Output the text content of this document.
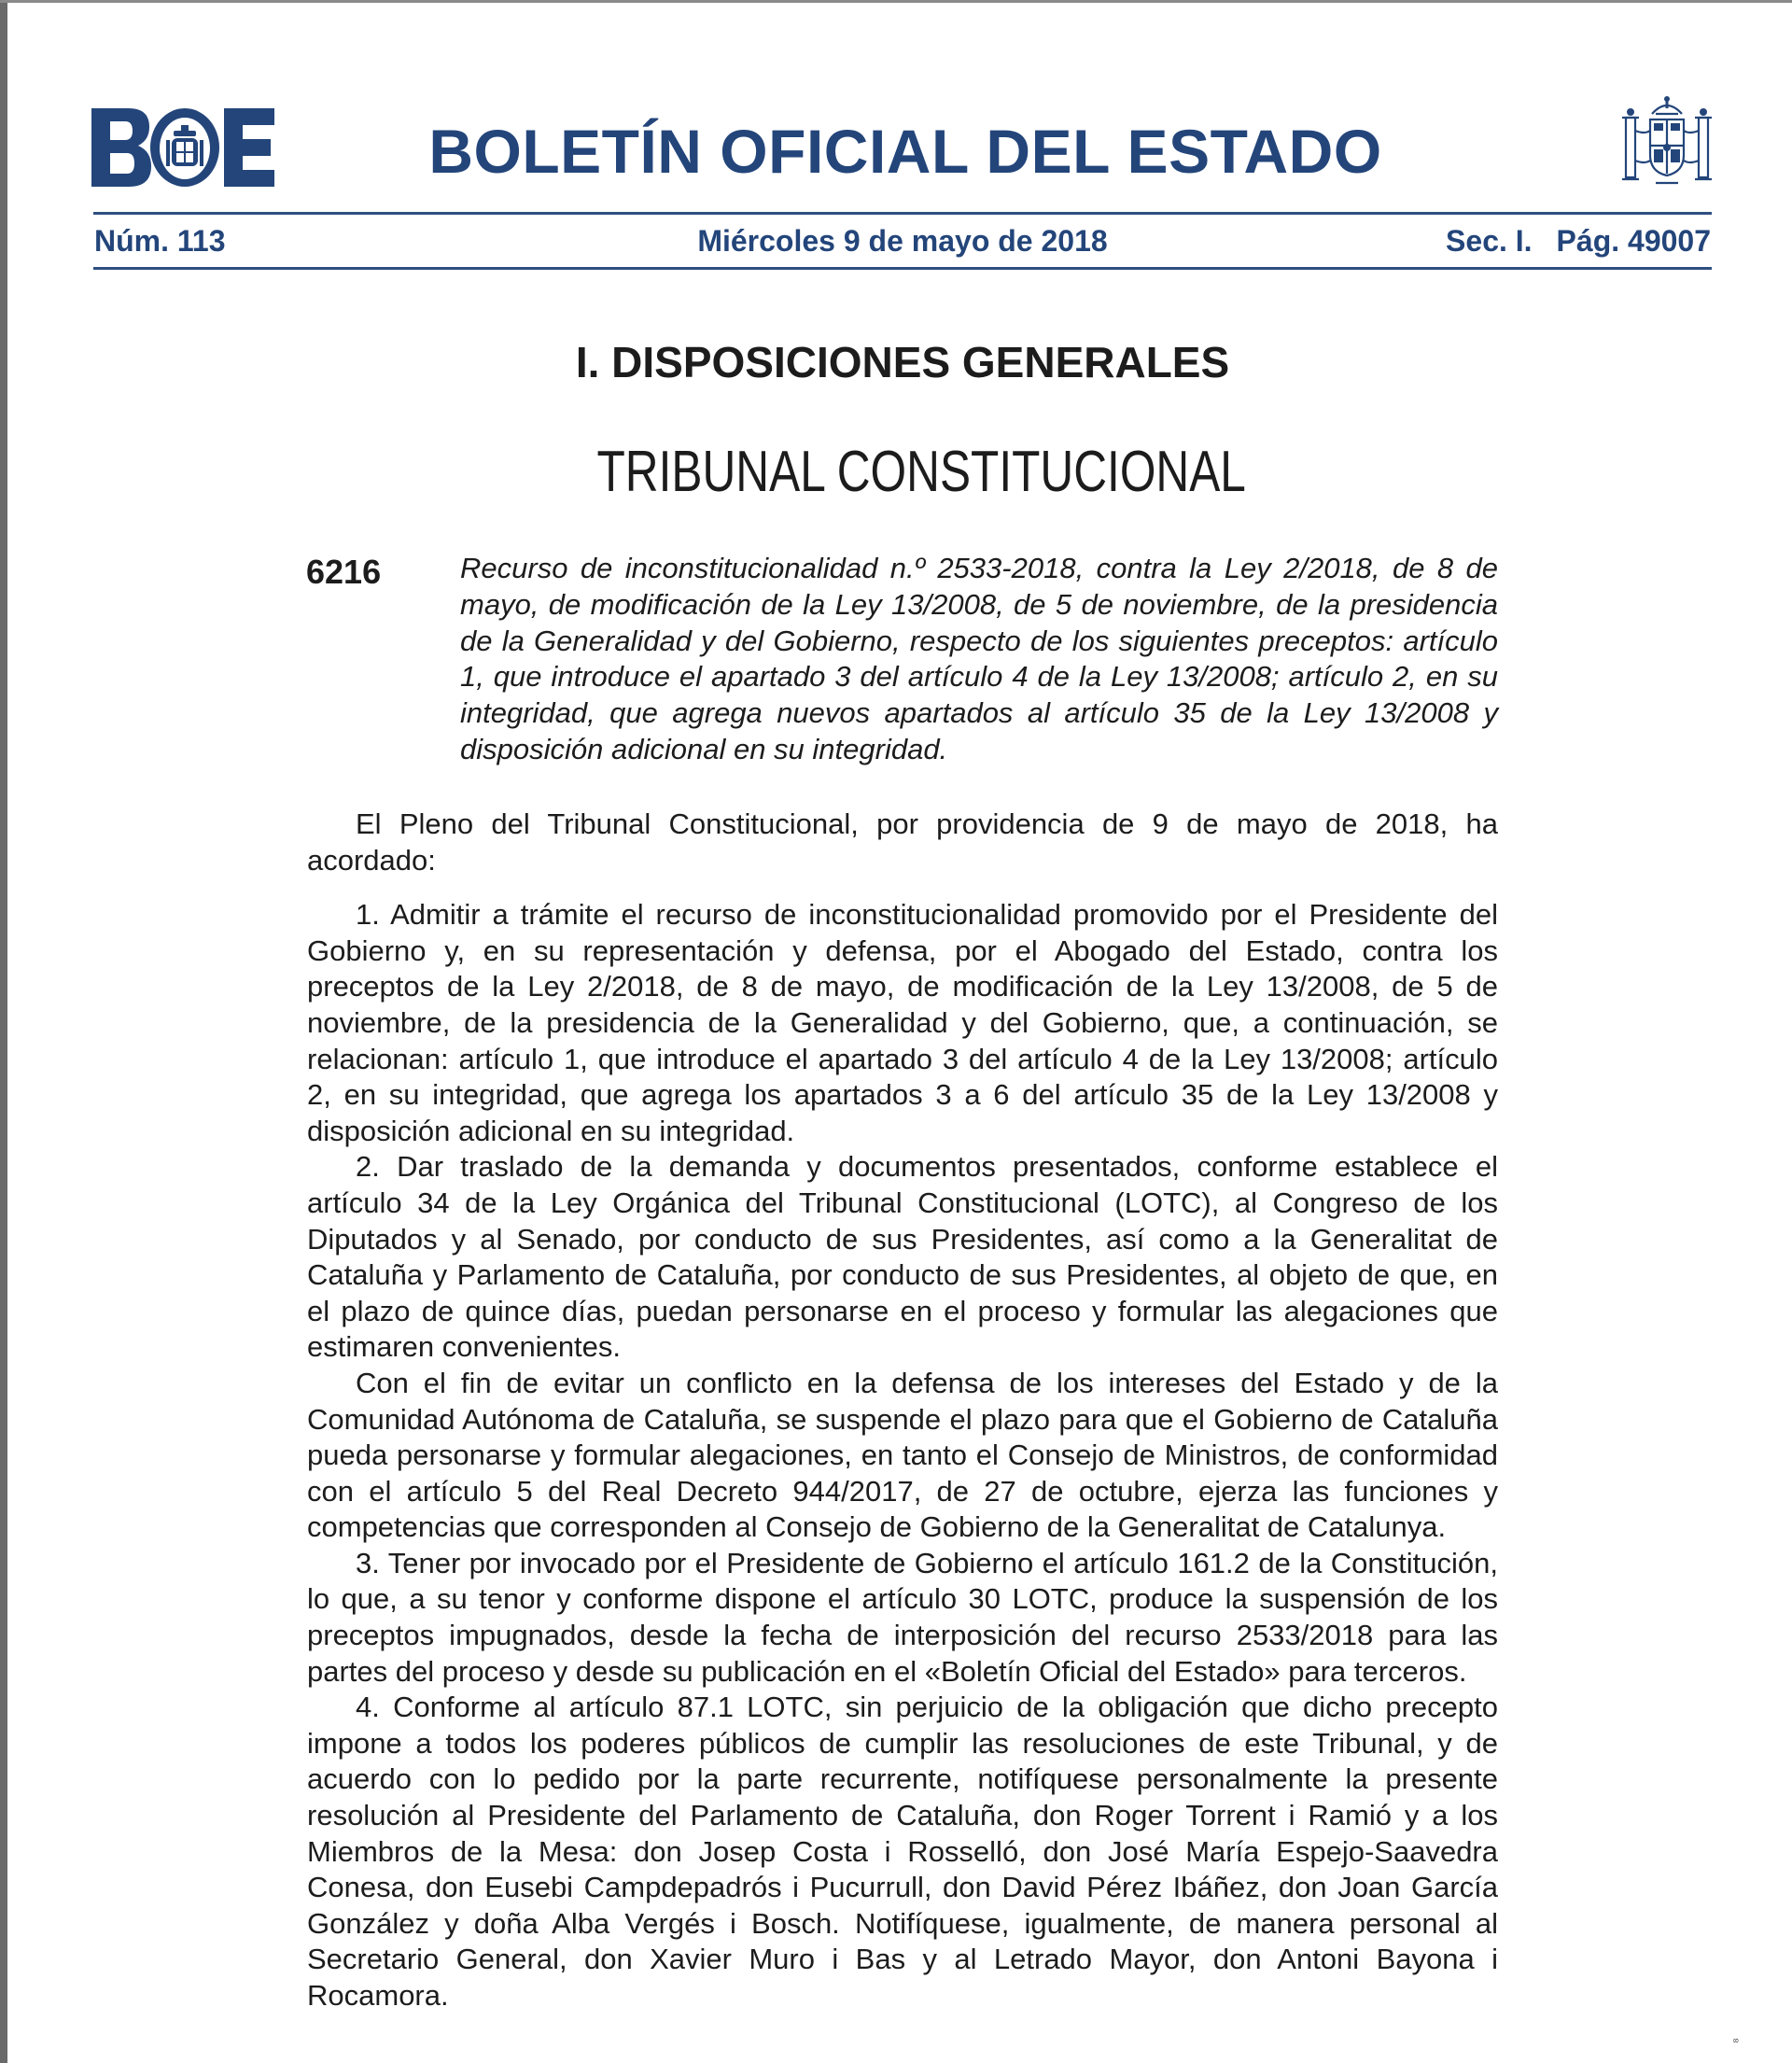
BOLETÍN OFICIAL DEL ESTADO
Núm. 113	Miércoles 9 de mayo de 2018	Sec. I. Pág. 49007
I. DISPOSICIONES GENERALES
TRIBUNAL CONSTITUCIONAL
6216	Recurso de inconstitucionalidad n.º 2533-2018, contra la Ley 2/2018, de 8 de mayo, de modificación de la Ley 13/2008, de 5 de noviembre, de la presidencia de la Generalidad y del Gobierno, respecto de los siguientes preceptos: artículo 1, que introduce el apartado 3 del artículo 4 de la Ley 13/2008; artículo 2, en su integridad, que agrega nuevos apartados al artículo 35 de la Ley 13/2008 y disposición adicional en su integridad.

El Pleno del Tribunal Constitucional, por providencia de 9 de mayo de 2018, ha acordado:

1. Admitir a trámite el recurso de inconstitucionalidad promovido por el Presidente del Gobierno y, en su representación y defensa, por el Abogado del Estado, contra los preceptos de la Ley 2/2018, de 8 de mayo, de modificación de la Ley 13/2008, de 5 de noviembre, de la presidencia de la Generalidad y del Gobierno, que, a continuación, se relacionan: artículo 1, que introduce el apartado 3 del artículo 4 de la Ley 13/2008; artículo 2, en su integridad, que agrega los apartados 3 a 6 del artículo 35 de la Ley 13/2008 y disposición adicional en su integridad.

2. Dar traslado de la demanda y documentos presentados, conforme establece el artículo 34 de la Ley Orgánica del Tribunal Constitucional (LOTC), al Congreso de los Diputados y al Senado, por conducto de sus Presidentes, así como a la Generalitat de Cataluña y Parlamento de Cataluña, por conducto de sus Presidentes, al objeto de que, en el plazo de quince días, puedan personarse en el proceso y formular las alegaciones que estimaren convenientes.

Con el fin de evitar un conflicto en la defensa de los intereses del Estado y de la Comunidad Autónoma de Cataluña, se suspende el plazo para que el Gobierno de Cataluña pueda personarse y formular alegaciones, en tanto el Consejo de Ministros, de conformidad con el artículo 5 del Real Decreto 944/2017, de 27 de octubre, ejerza las funciones y competencias que corresponden al Consejo de Gobierno de la Generalitat de Catalunya.

3. Tener por invocado por el Presidente de Gobierno el artículo 161.2 de la Constitución, lo que, a su tenor y conforme dispone el artículo 30 LOTC, produce la suspensión de los preceptos impugnados, desde la fecha de interposición del recurso 2533/2018 para las partes del proceso y desde su publicación en el «Boletín Oficial del Estado» para terceros.

4. Conforme al artículo 87.1 LOTC, sin perjuicio de la obligación que dicho precepto impone a todos los poderes públicos de cumplir las resoluciones de este Tribunal, y de acuerdo con lo pedido por la parte recurrente, notifíquese personalmente la presente resolución al Presidente del Parlamento de Cataluña, don Roger Torrent i Ramió y a los Miembros de la Mesa: don Josep Costa i Rosselló, don José María Espejo-Saavedra Conesa, don Eusebi Campdepadrós i Pucurrull, don David Pérez Ibáñez, don Joan García González y doña Alba Vergés i Bosch. Notifíquese, igualmente, de manera personal al Secretario General, don Xavier Muro i Bas y al Letrado Mayor, don Antoni Bayona i Rocamora.

⁸
